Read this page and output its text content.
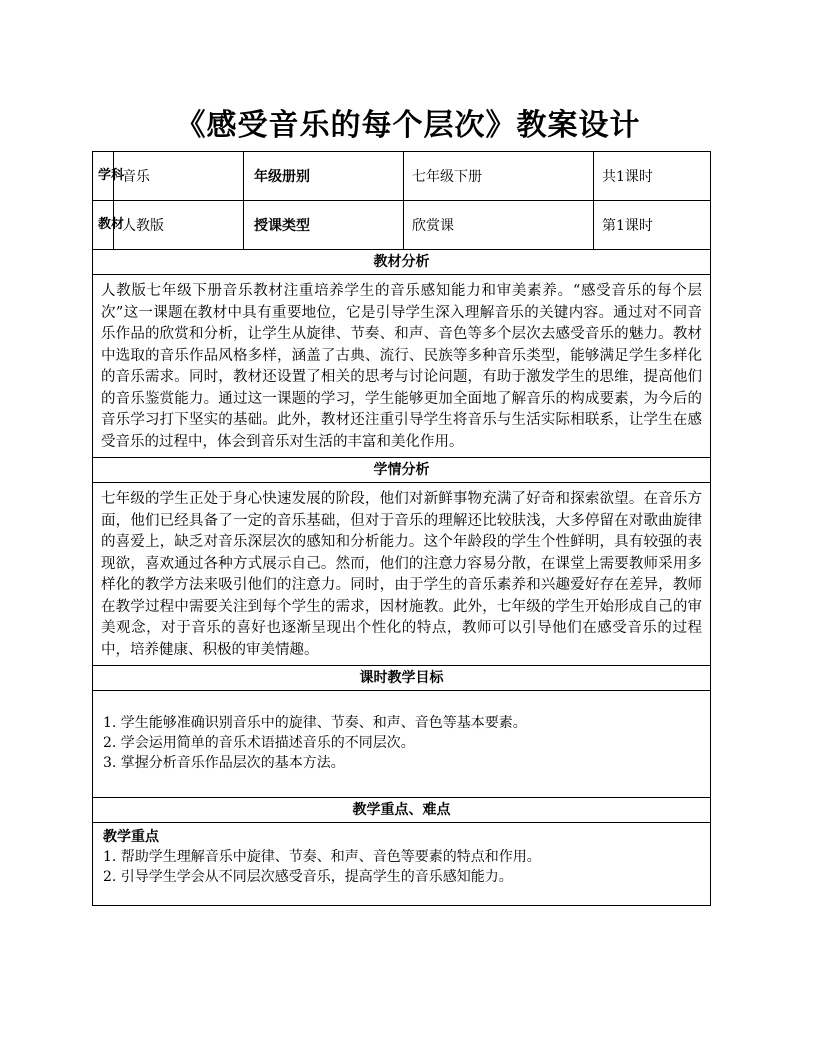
《感受音乐的每个层次》教案设计
学科	音乐	年级册别	七年级下册	共1课时
教材	人教版	授课类型	欣赏课	第1课时
教材分析				

人教版七年级下册音乐教材注重培养学生的音乐感知能力和审美素养。“感受音乐的每个层次”这一课题在教材中具有重要地位，它是引导学生深入理解音乐的关键内容。通过对不同音乐作品的欣赏和分析，让学生从旋律、节奏、和声、音色等多个层次去感受音乐的魅力。教材中选取的音乐作品风格多样，涵盖了古典、流行、民族等多种音乐类型，能够满足学生多样化的音乐需求。同时，教材还设置了相关的思考与讨论问题，有助于激发学生的思维，提高他们的音乐鉴赏能力。通过这一课题的学习，学生能够更加全面地了解音乐的构成要素，为今后的音乐学习打下坚实的基础。此外，教材还注重引导学生将音乐与生活实际相联系，让学生在感受音乐的过程中，体会到音乐对生活的丰富和美化作用。				

学情分析				

七年级的学生正处于身心快速发展的阶段，他们对新鲜事物充满了好奇和探索欲望。在音乐方面，他们已经具备了一定的音乐基础，但对于音乐的理解还比较肤浅，大多停留在对歌曲旋律的喜爱上，缺乏对音乐深层次的感知和分析能力。这个年龄段的学生个性鲜明，具有较强的表现欲，喜欢通过各种方式展示自己。然而，他们的注意力容易分散，在课堂上需要教师采用多样化的教学方法来吸引他们的注意力。同时，由于学生的音乐素养和兴趣爱好存在差异，教师在教学过程中需要关注到每个学生的需求，因材施教。此外，七年级的学生开始形成自己的审美观念，对于音乐的喜好也逐渐呈现出个性化的特点，教师可以引导他们在感受音乐的过程中，培养健康、积极的审美情趣。				

课时教学目标				

1. 学生能够准确识别音乐中的旋律、节奏、和声、音色等基本要素。
2. 学会运用简单的音乐术语描述音乐的不同层次。
3. 掌握分析音乐作品层次的基本方法。				

教学重点、难点				

教学重点
1. 帮助学生理解音乐中旋律、节奏、和声、音色等要素的特点和作用。
2. 引导学生学会从不同层次感受音乐，提高学生的音乐感知能力。				
